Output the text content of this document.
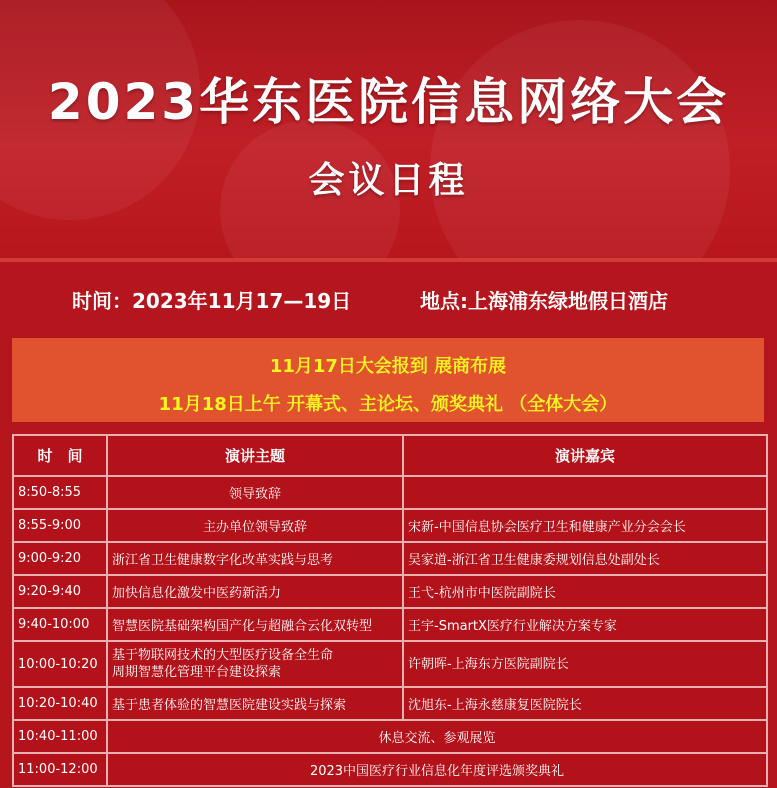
2023华东医院信息网络大会
会议日程
时间：2023年11月17—19日	地点:上海浦东绿地假日酒店
11月17日大会报到 展商布展
11月18日上午 开幕式、主论坛、颁奖典礼 （全体大会）
时　间	演讲主题	演讲嘉宾
8:50-8:55	领导致辞	
8:55-9:00	主办单位领导致辞	宋新-中国信息协会医疗卫生和健康产业分会会长
9:00-9:20	浙江省卫生健康数字化改革实践与思考	吴家道-浙江省卫生健康委规划信息处副处长
9:20-9:40	加快信息化激发中医药新活力	王弋-杭州市中医院副院长
9:40-10:00	智慧医院基础架构国产化与超融合云化双转型	王宇-SmartX医疗行业解决方案专家
10:00-10:20	基于物联网技术的大型医疗设备全生命
周期智慧化管理平台建设探索	许朝晖-上海东方医院副院长
10:20-10:40	基于患者体验的智慧医院建设实践与探索	沈旭东-上海永慈康复医院院长
10:40-11:00	休息交流、参观展览	
11:00-12:00	2023中国医疗行业信息化年度评选颁奖典礼	
